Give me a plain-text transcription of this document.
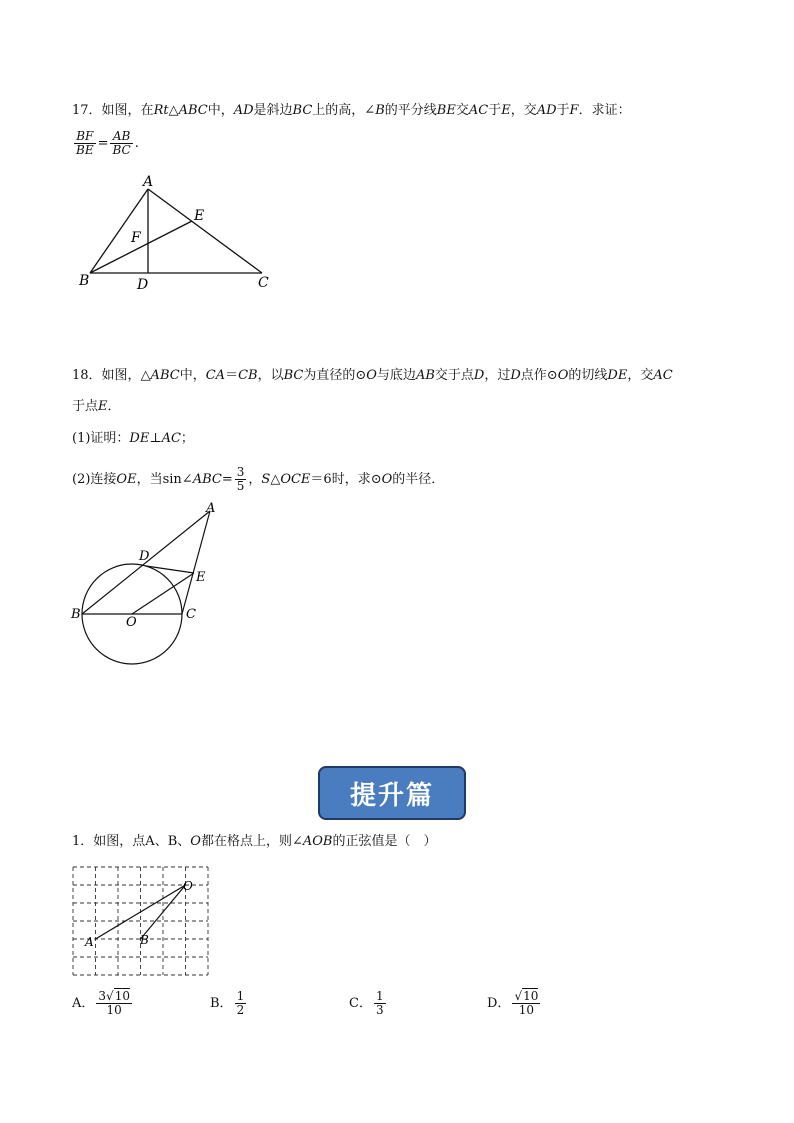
17．如图，在Rt△ABC中，AD是斜边BC上的高，∠B的平分线BE交AC于E，交AD于F．求证：
$\frac{BF}{BE} = \frac{AB}{BC}$ .
A
B	C
D
E
F
18．如图，△ABC中，CA＝CB，以BC为直径的⊙O与底边AB交于点D，过D点作⊙O的切线DE，交AC
于点E．
(1)证明：DE⊥AC；
(2)连接OE，当sin∠ABC= $\frac{3}{5}$ ，S△OCE＝6时，求⊙O的半径．
A
B	C
D
E
O
提升篇
1．如图，点A、B、O都在格点上，则∠AOB的正弦值是（　）
A	B
O
A． $\frac{3√10}{10}$	B． $\frac{1}{2}$	C． $\frac{1}{3}$	D． $\frac{√10}{10}$
